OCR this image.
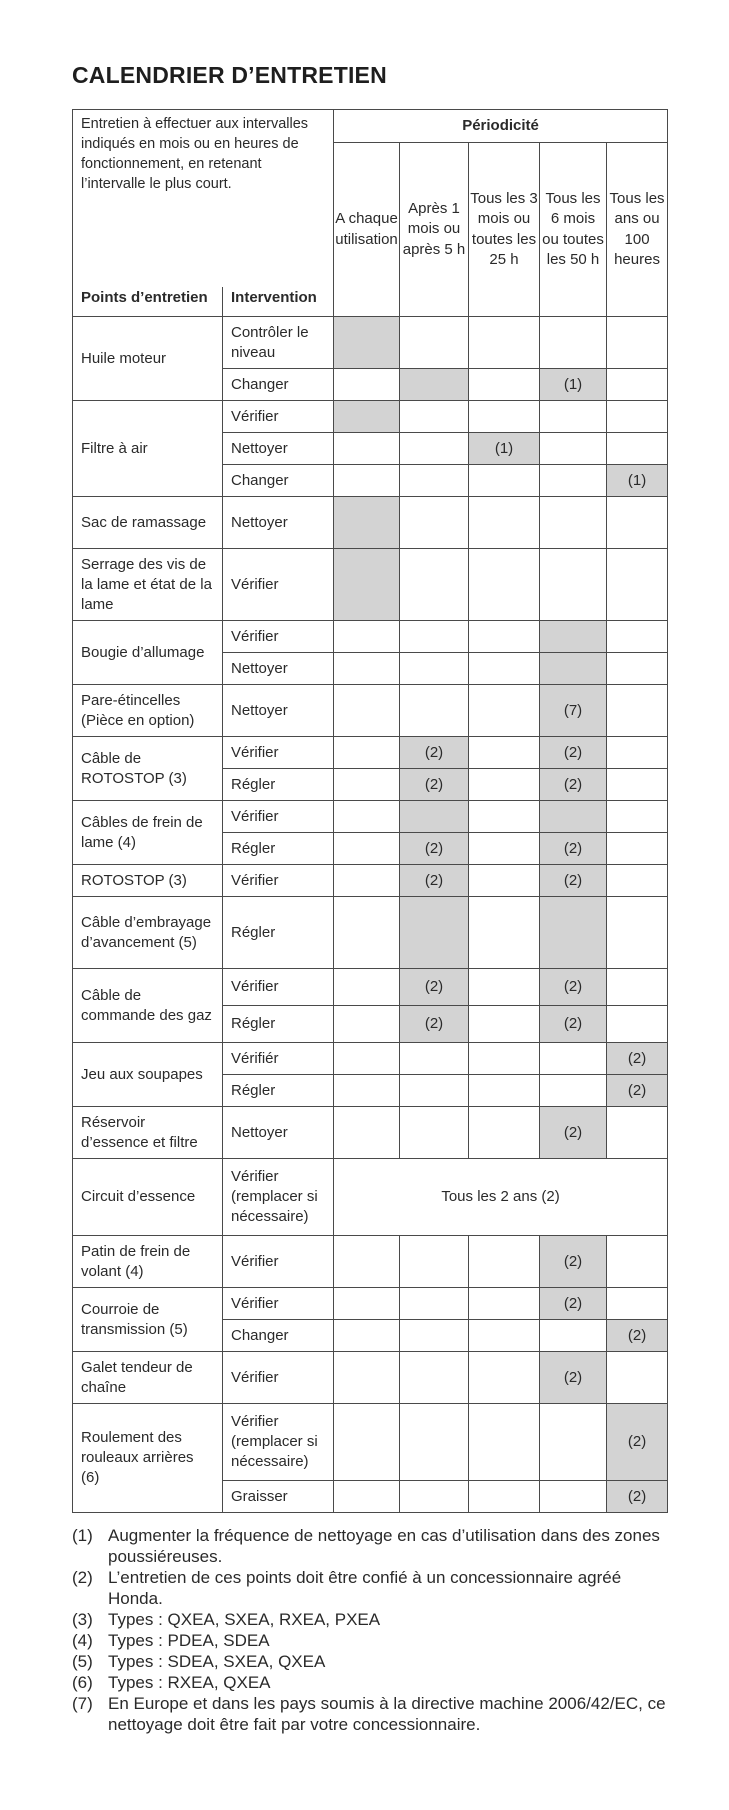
CALENDRIER D’ENTRETIEN
Entretien à effectuer aux intervalles indiqués en mois ou en heures de fonctionnement, en retenant l’intervalle le plus court.		Périodicité				
		A chaque utilisation	Après 1 mois ou après 5 h	Tous les 3 mois ou toutes les 25 h	Tous les 6 mois ou toutes les 50 h	Tous les ans ou 100 heures
Points d’entretien	Intervention					
Huile moteur	Contrôler le niveau					
	Changer				(1)	
Filtre à air	Vérifier					
	Nettoyer			(1)		
	Changer					(1)
Sac de ramassage	Nettoyer					
Serrage des vis de la lame et état de la lame	Vérifier					
Bougie d’allumage	Vérifier					
	Nettoyer					
Pare-étincelles (Pièce en option)	Nettoyer				(7)	
Câble de ROTOSTOP (3)	Vérifier		(2)		(2)	
	Régler		(2)		(2)	
Câbles de frein de lame (4)	Vérifier					
	Régler		(2)		(2)	
ROTOSTOP (3)	Vérifier		(2)		(2)	
Câble d’embrayage d’avancement (5)	Régler					
Câble de commande des gaz	Vérifier		(2)		(2)	
	Régler		(2)		(2)	
Jeu aux soupapes	Vérifiér					(2)
	Régler					(2)
Réservoir d’essence et filtre	Nettoyer				(2)	
Circuit d’essence	Vérifier (remplacer si nécessaire)	Tous les 2 ans (2)				
Patin de frein de volant (4)	Vérifier				(2)	
Courroie de transmission (5)	Vérifier				(2)	
	Changer					(2)
Galet tendeur de chaîne	Vérifier				(2)	
Roulement des rouleaux arrières (6)	Vérifier (remplacer si nécessaire)					(2)
	Graisser					(2)
(1) Augmenter la fréquence de nettoyage en cas d’utilisation dans des zones poussiéreuses.
(2) L’entretien de ces points doit être confié à un concessionnaire agréé Honda.
(3) Types : QXEA, SXEA, RXEA, PXEA
(4) Types : PDEA, SDEA
(5) Types : SDEA, SXEA, QXEA
(6) Types : RXEA, QXEA
(7) En Europe et dans les pays soumis à la directive machine 2006/42/EC, ce nettoyage doit être fait par votre concessionnaire.
